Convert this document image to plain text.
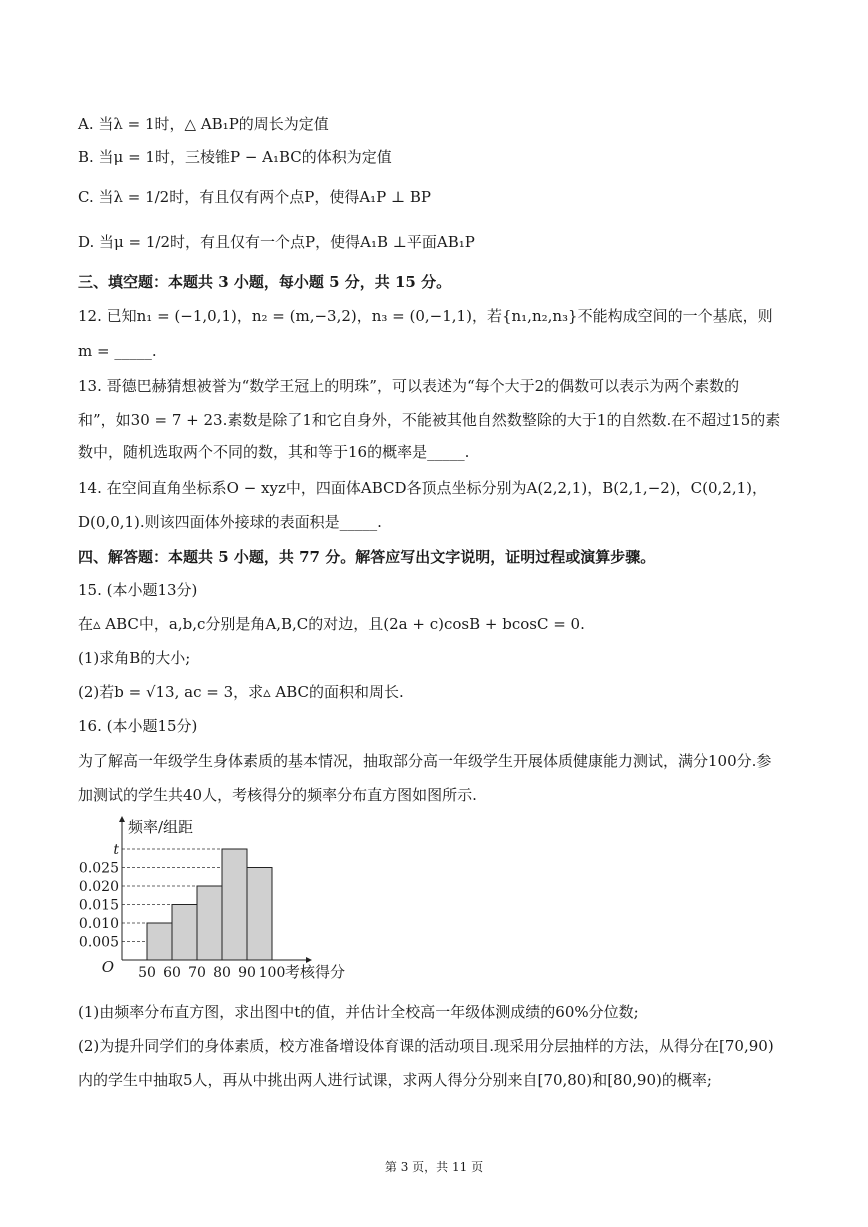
A. 当λ = 1时，△ AB₁P的周长为定值
B. 当μ = 1时，三棱锥P − A₁BC的体积为定值
C. 当λ = 1/2时，有且仅有两个点P，使得A₁P ⊥ BP
D. 当μ = 1/2时，有且仅有一个点P，使得A₁B ⊥平面AB₁P
三、填空题：本题共 3 小题，每小题 5 分，共 15 分。
12. 已知n₁ = (−1,0,1)，n₂ = (m,−3,2)，n₃ = (0,−1,1)，若{n₁,n₂,n₃}不能构成空间的一个基底，则
m = _____.
13. 哥德巴赫猜想被誉为“数学王冠上的明珠”，可以表述为“每个大于2的偶数可以表示为两个素数的
和”，如30 = 7 + 23.素数是除了1和它自身外，不能被其他自然数整除的大于1的自然数.在不超过15的素
数中，随机选取两个不同的数，其和等于16的概率是_____.
14. 在空间直角坐标系O − xyz中，四面体ABCD各顶点坐标分别为A(2,2,1)，B(2,1,−2)，C(0,2,1)，
D(0,0,1).则该四面体外接球的表面积是_____.
四、解答题：本题共 5 小题，共 77 分。解答应写出文字说明，证明过程或演算步骤。
15. (本小题13分)
在▵ ABC中，a,b,c分别是角A,B,C的对边，且(2a + c)cosB + bcosC = 0.
(1)求角B的大小;
(2)若b = √13, ac = 3，求▵ ABC的面积和周长.
16. (本小题15分)
为了解高一年级学生身体素质的基本情况，抽取部分高一年级学生开展体质健康能力测试，满分100分.参
加测试的学生共40人，考核得分的频率分布直方图如图所示.
0.005
0.010
0.015
0.020
0.025
t
50 60 70 80 90 100
O
频率/组距
考核得分
(1)由频率分布直方图，求出图中t的值，并估计全校高一年级体测成绩的60%分位数;
(2)为提升同学们的身体素质，校方准备增设体育课的活动项目.现采用分层抽样的方法，从得分在[70,90)
内的学生中抽取5人，再从中挑出两人进行试课，求两人得分分别来自[70,80)和[80,90)的概率;
第 3 页，共 11 页
